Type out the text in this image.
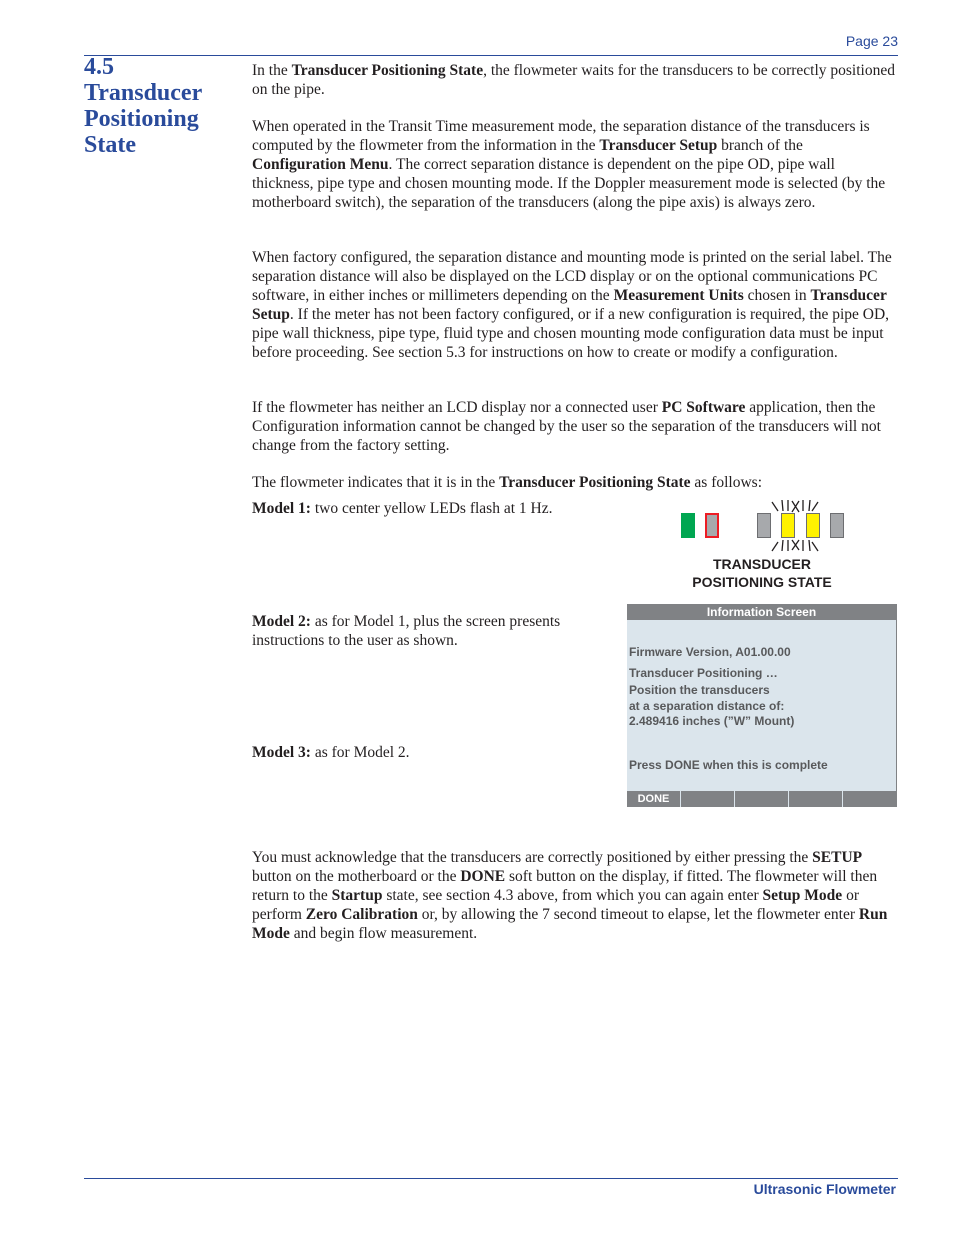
Page 23
4.5
Transducer
Positioning
State

In the Transducer Positioning State, the flowmeter waits for the transducers to be correctly positioned on the pipe.

When operated in the Transit Time measurement mode, the separation distance of the transducers is computed by the flowmeter from the information in the Transducer Setup branch of the Configuration Menu. The correct separation distance is dependent on the pipe OD, pipe wall thickness, pipe type and chosen mounting mode. If the Doppler measurement mode is selected (by the motherboard switch), the separation of the transducers (along the pipe axis) is always zero.

When factory configured, the separation distance and mounting mode is printed on the serial label. The separation distance will also be displayed on the LCD display or on the optional communications PC software, in either inches or millimeters depending on the Measurement Units chosen in Transducer Setup. If the meter has not been factory configured, or if a new configuration is required, the pipe OD, pipe wall thickness, pipe type, fluid type and chosen mounting mode configuration data must be input before proceeding. See section 5.3 for instructions on how to create or modify a configuration.

If the flowmeter has neither an LCD display nor a connected user PC Software application, then the Configuration information cannot be changed by the user so the separation of the transducers will not change from the factory setting.

The flowmeter indicates that it is in the Transducer Positioning State as follows:

Model 1: two center yellow LEDs flash at 1 Hz.

Model 2: as for Model 1, plus the screen presents instructions to the user as shown.

Model 3: as for Model 2.

TRANSDUCER
POSITIONING STATE
Information Screen
Firmware Version, A01.00.00
Transducer Positioning …
Position the transducers
at a separation distance of:
2.489416 inches (”W” Mount)
Press DONE when this is complete
DONE

You must acknowledge that the transducers are correctly positioned by either pressing the SETUP button on the motherboard or the DONE soft button on the display, if fitted. The flowmeter will then return to the Startup state, see section 4.3 above, from which you can again enter Setup Mode or perform Zero Calibration or, by allowing the 7 second timeout to elapse, let the flowmeter enter Run Mode and begin flow measurement.

Ultrasonic Flowmeter
